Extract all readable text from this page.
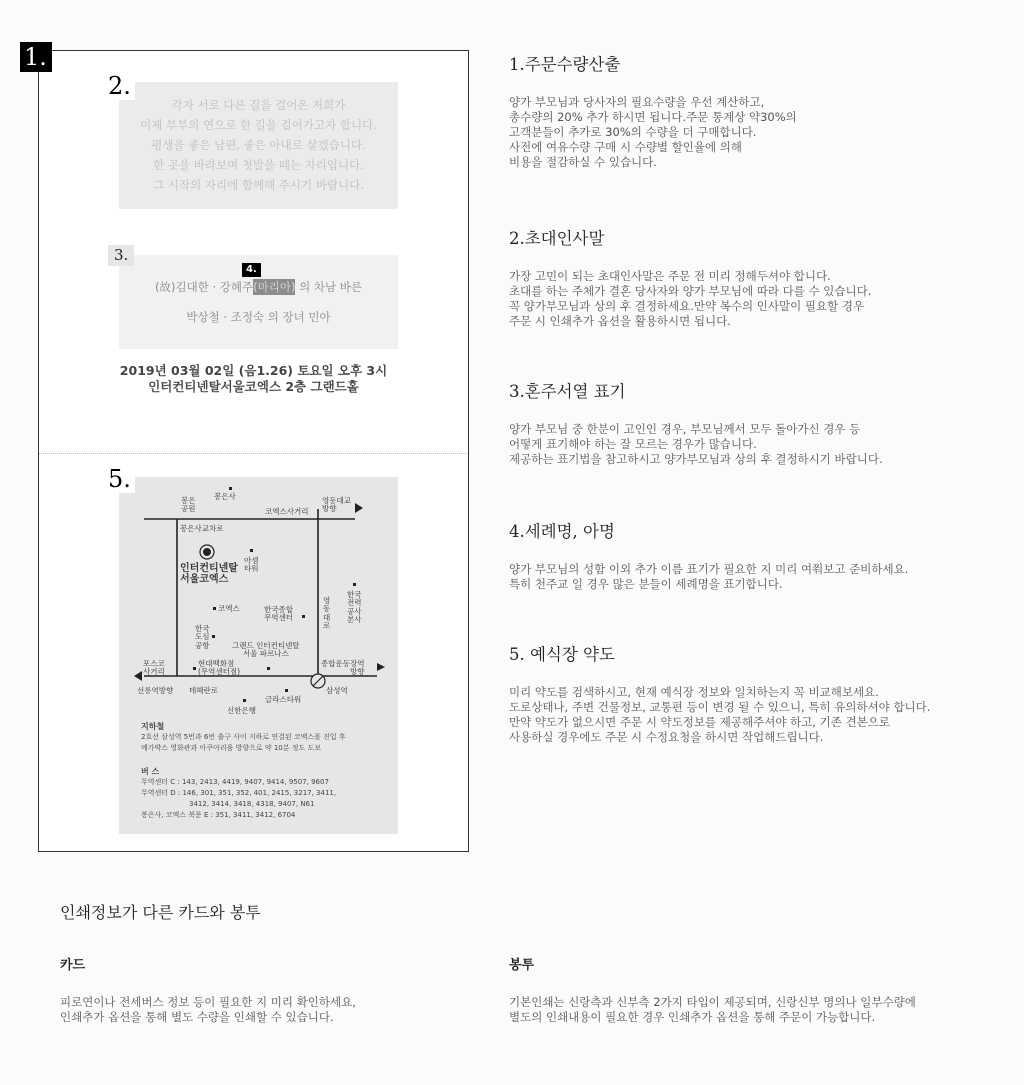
각자 서로 다른 길을 걸어온 저희가
이제 부부의 연으로 한 길을 걸어가고자 합니다.
평생을 좋은 남편, 좋은 아내로 살겠습니다.
한 곳을 바라보며 첫발을 떼는 자리입니다.
그 시작의 자리에 함께해 주시기 바랍니다.
(故)김대한 · 강혜주(마리아) 의 차남 바른
박상철 · 조정숙 의 장녀 민아
2019년 03월 02일 (음1.26) 토요일 오후 3시
인터컨티넨탈서울코엑스 2층 그랜드홀
봉은사
봉은
공원	코엑스사거리
영동대교
방향
봉은사교차로
인터컨티넨탈
서울코엑스
아셈
타워
코엑스	한국종합
무역센터
영
동
대
로
한국
전력
공사
본사
한국
도심
공항	그랜드 인터컨티넨탈
서울 파르나스
포스코
사거리
현대백화점
(무역센터점)
종합운동장역
방향
선릉역방향 테헤란로
글라스타워
삼성역
신한은행
지하철
2호선 삼성역 5번과 6번 출구 사이 지하로 연결된 코엑스몰 진입 후
메가박스 영화관과 아쿠아리움 방향으로 약 10분 정도 도보
버 스
무역센터 C : 143, 2413, 4419, 9407, 9414, 9507, 9607
무역센터 D : 146, 301, 351, 352, 401, 2415, 3217, 3411,
3412, 3414, 3418, 4318, 9407, N61
봉은사, 코엑스 북문 E : 351, 3411, 3412, 6704
1.
2.
3.
4.
5.
1.주문수량산출

양가 부모님과 당사자의 필요수량을 우선 계산하고,
총수량의 20% 추가 하시면 됩니다.주문 통계상 약30%의
고객분들이 추가로 30%의 수량을 더 구매합니다.
사전에 여유수량 구매 시 수량별 할인율에 의해
비용을 절감하실 수 있습니다.

2.초대인사말

가장 고민이 되는 초대인사말은 주문 전 미리 정해두셔야 합니다.
초대를 하는 주체가 결혼 당사자와 양가 부모님에 따라 다를 수 있습니다.
꼭 양가부모님과 상의 후 결정하세요.만약 복수의 인사말이 필요할 경우
주문 시 인쇄추가 옵션을 활용하시면 됩니다.

3.혼주서열 표기

양가 부모님 중 한분이 고인인 경우, 부모님께서 모두 돌아가신 경우 등
어떻게 표기해야 하는 잘 모르는 경우가 많습니다.
제공하는 표기법을 참고하시고 양가부모님과 상의 후 결정하시기 바랍니다.

4.세례명, 아명

양가 부모님의 성함 이외 추가 이름 표기가 필요한 지 미리 여쭤보고 준비하세요.
특히 천주교 일 경우 많은 분들이 세례명을 표기합니다.

5. 예식장 약도

미리 약도를 검색하시고, 현재 예식장 정보와 일치하는지 꼭 비교해보세요.
도로상태나, 주변 건물정보, 교통편 등이 변경 될 수 있으니, 특히 유의하셔야 합니다.
만약 약도가 없으시면 주문 시 약도정보를 제공해주셔야 하고, 기존 견본으로
사용하실 경우에도 주문 시 수정요청을 하시면 작업해드립니다.

인쇄정보가 다른 카드와 봉투
카드

피로연이나 전세버스 정보 등이 필요한 지 미리 확인하세요,
인쇄추가 옵션을 통해 별도 수량을 인쇄할 수 있습니다.

봉투

기본인쇄는 신랑측과 신부측 2가지 타입이 제공되며, 신랑신부 명의나 일부수량에
별도의 인쇄내용이 필요한 경우 인쇄추가 옵션을 통해 주문이 가능합니다.
